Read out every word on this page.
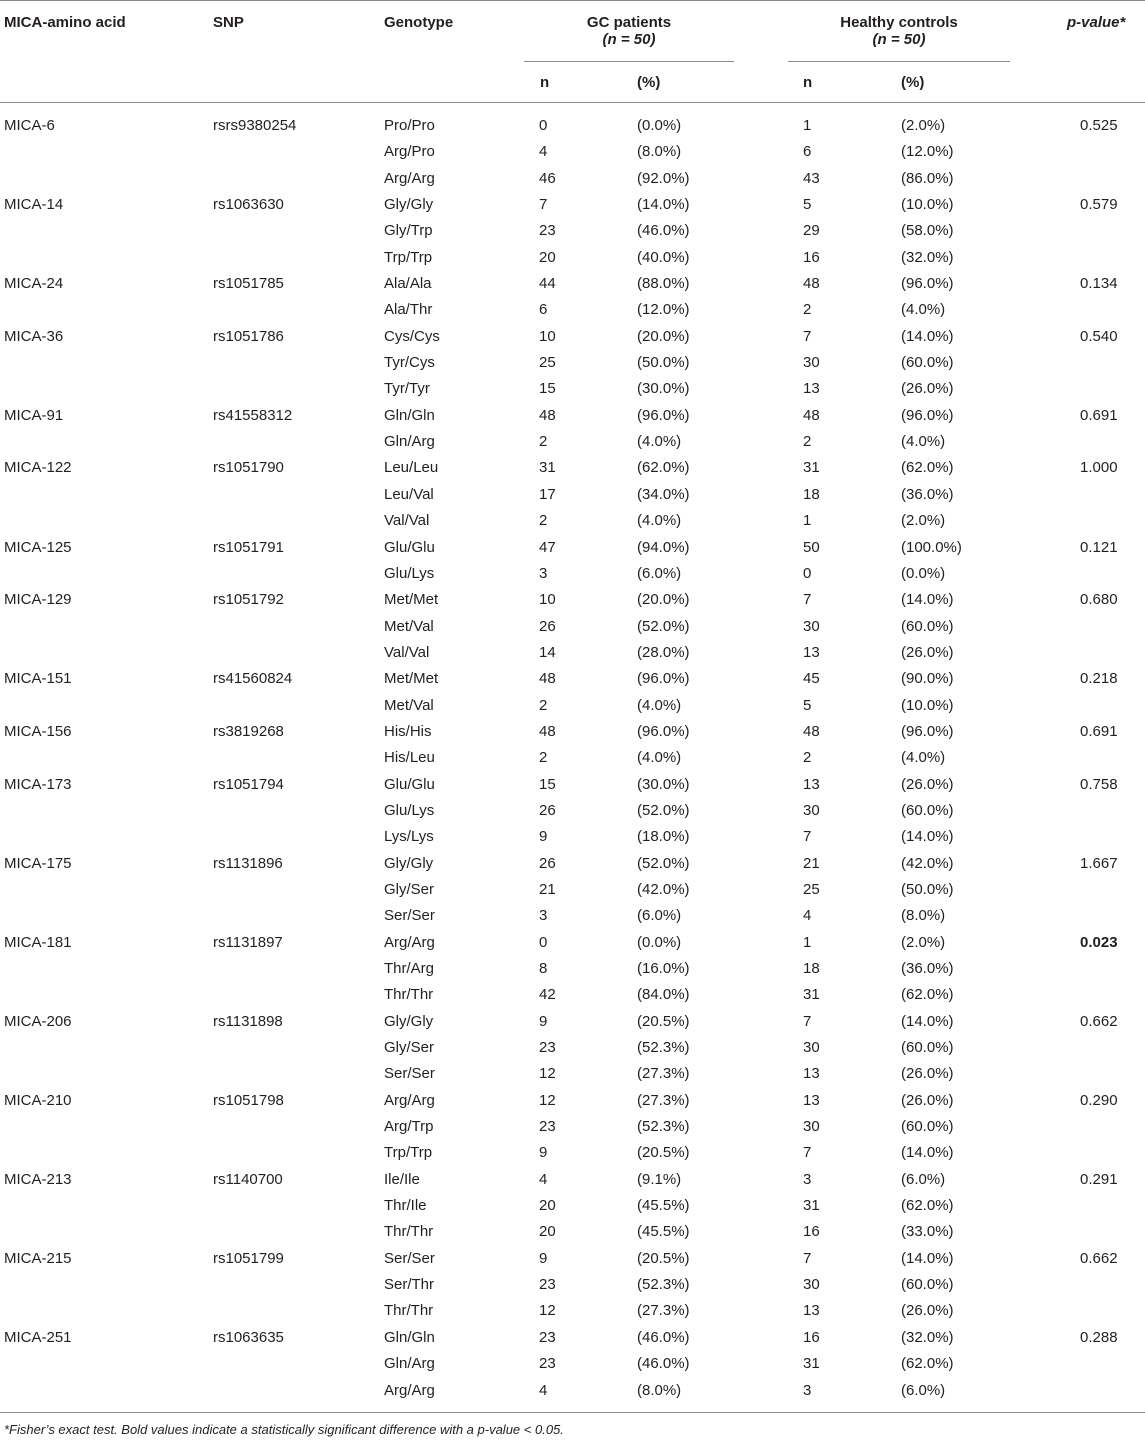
MICA-amino acid	SNP	Genotype	GC patients
(n = 50)
Healthy controls
(n = 50)
p-value*
n	(%)	n	(%)
MICA-6	rsrs9380254	Pro/Pro	0	(0.0%)	1	(2.0%)	0.525
Arg/Pro	4	(8.0%)	6	(12.0%)
Arg/Arg	46	(92.0%)	43	(86.0%)
MICA-14	rs1063630	Gly/Gly	7	(14.0%)	5	(10.0%)	0.579
Gly/Trp	23	(46.0%)	29	(58.0%)
Trp/Trp	20	(40.0%)	16	(32.0%)
MICA-24	rs1051785	Ala/Ala	44	(88.0%)	48	(96.0%)	0.134
Ala/Thr	6	(12.0%)	2	(4.0%)
MICA-36	rs1051786	Cys/Cys	10	(20.0%)	7	(14.0%)	0.540
Tyr/Cys	25	(50.0%)	30	(60.0%)
Tyr/Tyr	15	(30.0%)	13	(26.0%)
MICA-91	rs41558312	Gln/Gln	48	(96.0%)	48	(96.0%)	0.691
Gln/Arg	2	(4.0%)	2	(4.0%)
MICA-122	rs1051790	Leu/Leu	31	(62.0%)	31	(62.0%)	1.000
Leu/Val	17	(34.0%)	18	(36.0%)
Val/Val	2	(4.0%)	1	(2.0%)
MICA-125	rs1051791	Glu/Glu	47	(94.0%)	50	(100.0%)	0.121
Glu/Lys	3	(6.0%)	0	(0.0%)
MICA-129	rs1051792	Met/Met	10	(20.0%)	7	(14.0%)	0.680
Met/Val	26	(52.0%)	30	(60.0%)
Val/Val	14	(28.0%)	13	(26.0%)
MICA-151	rs41560824	Met/Met	48	(96.0%)	45	(90.0%)	0.218
Met/Val	2	(4.0%)	5	(10.0%)
MICA-156	rs3819268	His/His	48	(96.0%)	48	(96.0%)	0.691
His/Leu	2	(4.0%)	2	(4.0%)
MICA-173	rs1051794	Glu/Glu	15	(30.0%)	13	(26.0%)	0.758
Glu/Lys	26	(52.0%)	30	(60.0%)
Lys/Lys	9	(18.0%)	7	(14.0%)
MICA-175	rs1131896	Gly/Gly	26	(52.0%)	21	(42.0%)	1.667
Gly/Ser	21	(42.0%)	25	(50.0%)
Ser/Ser	3	(6.0%)	4	(8.0%)
MICA-181	rs1131897	Arg/Arg	0	(0.0%)	1	(2.0%)	0.023
Thr/Arg	8	(16.0%)	18	(36.0%)
Thr/Thr	42	(84.0%)	31	(62.0%)
MICA-206	rs1131898	Gly/Gly	9	(20.5%)	7	(14.0%)	0.662
Gly/Ser	23	(52.3%)	30	(60.0%)
Ser/Ser	12	(27.3%)	13	(26.0%)
MICA-210	rs1051798	Arg/Arg	12	(27.3%)	13	(26.0%)	0.290
Arg/Trp	23	(52.3%)	30	(60.0%)
Trp/Trp	9	(20.5%)	7	(14.0%)
MICA-213	rs1140700	Ile/Ile	4	(9.1%)	3	(6.0%)	0.291
Thr/Ile	20	(45.5%)	31	(62.0%)
Thr/Thr	20	(45.5%)	16	(33.0%)
MICA-215	rs1051799	Ser/Ser	9	(20.5%)	7	(14.0%)	0.662
Ser/Thr	23	(52.3%)	30	(60.0%)
Thr/Thr	12	(27.3%)	13	(26.0%)
MICA-251	rs1063635	Gln/Gln	23	(46.0%)	16	(32.0%)	0.288
Gln/Arg	23	(46.0%)	31	(62.0%)
Arg/Arg	4	(8.0%)	3	(6.0%)
*Fisher’s exact test. Bold values indicate a statistically significant difference with a p-value < 0.05.
